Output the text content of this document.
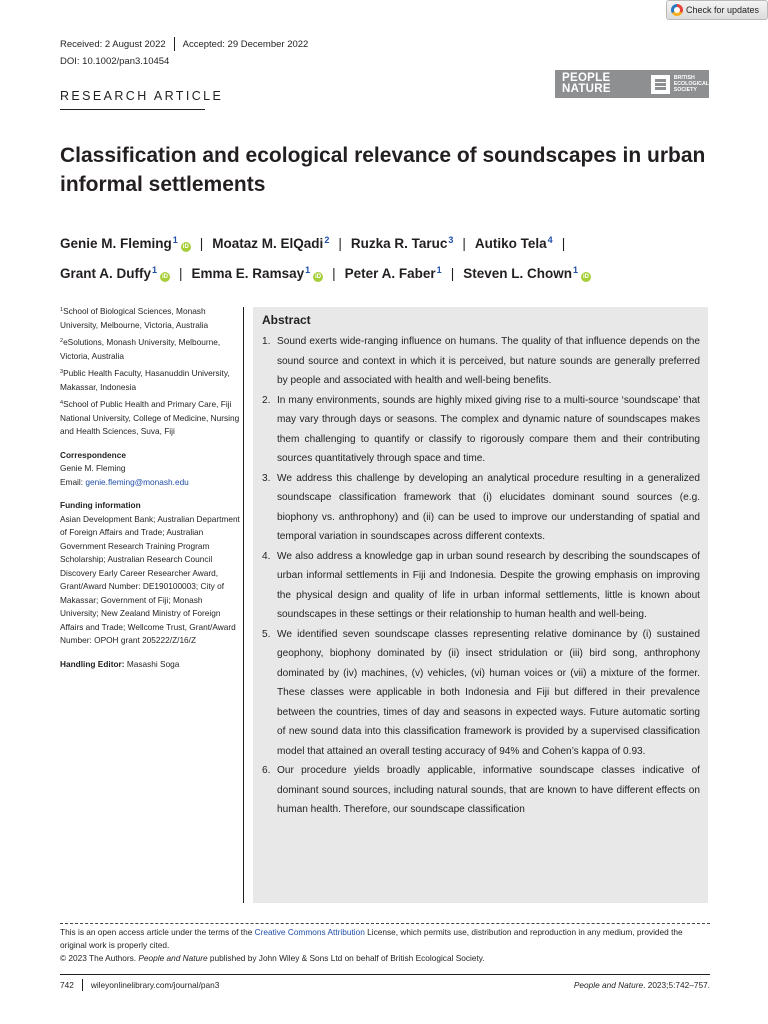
Check for updates
Received: 2 August 2022 Accepted: 29 December 2022
DOI: 10.1002/pan3.10454
RESEARCH ARTICLE
PEOPLE
NATURE
BRITISH
ECOLOGICAL
SOCIETY
Classification and ecological relevance of soundscapes in urban informal settlements
Genie M. Fleming$^1$iD | Moataz M. ElQadi$^2$ | Ruzka R. Taruc$^3$ | Autiko Tela$^4$ |
Grant A. Duffy$^1$iD | Emma E. Ramsay$^1$iD | Peter A. Faber$^1$ | Steven L. Chown$^1$iD
$^1$School of Biological Sciences, Monash University, Melbourne, Victoria, Australia
$^2$eSolutions, Monash University, Melbourne, Victoria, Australia
$^3$Public Health Faculty, Hasanuddin University, Makassar, Indonesia
$^4$School of Public Health and Primary Care, Fiji National University, College of Medicine, Nursing and Health Sciences, Suva, Fiji
Correspondence
Genie M. Fleming
Email: genie.fleming@monash.edu
Funding information
Asian Development Bank; Australian Department of Foreign Affairs and Trade; Australian Government Research Training Program Scholarship; Australian Research Council Discovery Early Career Researcher Award, Grant/Award Number: DE190100003; City of Makassar; Government of Fiji; Monash University; New Zealand Ministry of Foreign Affairs and Trade; Wellcome Trust, Grant/Award Number: OPOH grant 205222/Z/16/Z
Handling Editor: Masashi Soga
Abstract
1. Sound exerts wide-ranging influence on humans. The quality of that influence depends on the sound source and context in which it is perceived, but nature sounds are generally preferred by people and associated with health and well-being benefits.
2. In many environments, sounds are highly mixed giving rise to a multi-source ‘soundscape’ that may vary through days or seasons. The complex and dynamic nature of soundscapes makes them challenging to quantify or classify to rigorously compare them and their contributing sources quantitatively through space and time.
3. We address this challenge by developing an analytical procedure resulting in a generalized soundscape classification framework that (i) elucidates dominant sound sources (e.g. biophony vs. anthrophony) and (ii) can be used to improve our understanding of spatial and temporal variation in soundscapes across different contexts.
4. We also address a knowledge gap in urban sound research by describing the soundscapes of urban informal settlements in Fiji and Indonesia. Despite the growing emphasis on improving the physical design and quality of life in urban informal settlements, little is known about soundscapes in these settings or their relationship to human health and well-being.
5. We identified seven soundscape classes representing relative dominance by (i) sustained geophony, biophony dominated by (ii) insect stridulation or (iii) bird song, anthrophony dominated by (iv) machines, (v) vehicles, (vi) human voices or (vii) a mixture of the former. These classes were applicable in both Indonesia and Fiji but differed in their prevalence between the countries, times of day and seasons in expected ways. Future automatic sorting of new sound data into this classification framework is provided by a supervised classification model that attained an overall testing accuracy of 94% and Cohen’s kappa of 0.93.
6. Our procedure yields broadly applicable, informative soundscape classes indicative of dominant sound sources, including natural sounds, that are known to have different effects on human health. Therefore, our soundscape classification
This is an open access article under the terms of the Creative Commons Attribution License, which permits use, distribution and reproduction in any medium, provided the original work is properly cited.
© 2023 The Authors. People and Nature published by John Wiley & Sons Ltd on behalf of British Ecological Society.
742 wileyonlinelibrary.com/journal/pan3	People and Nature. 2023;5:742–757.
